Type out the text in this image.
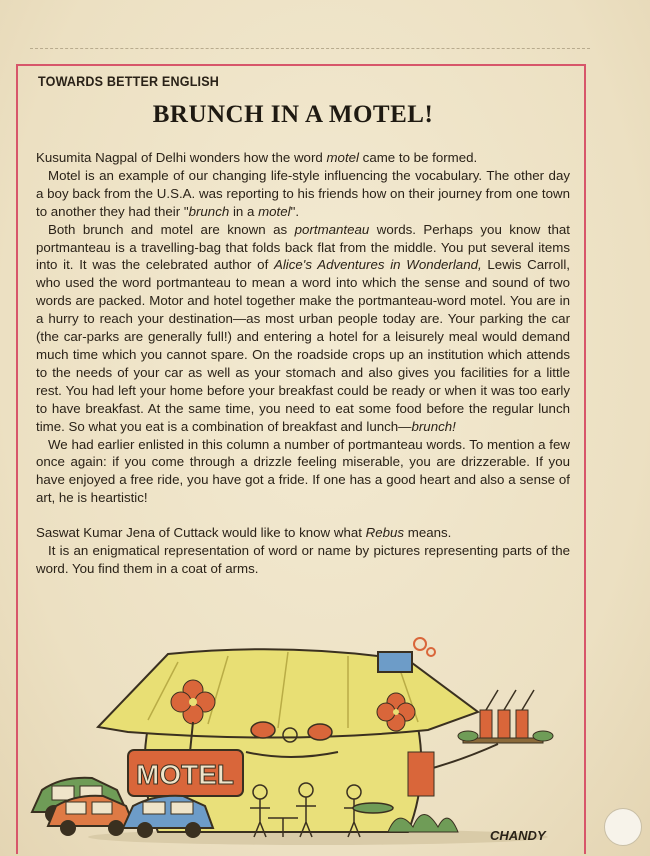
TOWARDS BETTER ENGLISH
BRUNCH IN A MOTEL!

Kusumita Nagpal of Delhi wonders how the word motel came to be formed.

Motel is an example of our changing life-style influencing the vocabulary. The other day a boy back from the U.S.A. was reporting to his friends how on their journey from one town to another they had their "brunch in a motel".

Both brunch and motel are known as portmanteau words. Perhaps you know that portmanteau is a travelling-bag that folds back flat from the middle. You put several items into it. It was the celebrated author of Alice's Adventures in Wonderland, Lewis Carroll, who used the word portmanteau to mean a word into which the sense and sound of two words are packed. Motor and hotel together make the portmanteau-word motel. You are in a hurry to reach your destination—as most urban people today are. Your parking the car (the car-parks are generally full!) and entering a hotel for a leisurely meal would demand much time which you cannot spare. On the roadside crops up an institution which attends to the needs of your car as well as your stomach and also gives you facilities for a little rest. You had left your home before your breakfast could be ready or when it was too early to have breakfast. At the same time, you need to eat some food before the regular lunch time. So what you eat is a combination of breakfast and lunch—brunch!

We had earlier enlisted in this column a number of portmanteau words. To mention a few once again: if you come through a drizzle feeling miserable, you are drizzerable. If you have enjoyed a free ride, you have got a fride. If one has a good heart and also a sense of art, he is heartistic!

Saswat Kumar Jena of Cuttack would like to know what Rebus means.

It is an enigmatical representation of word or name by pictures representing parts of the word. You find them in a coat of arms.

MOTEL
CHANDY
